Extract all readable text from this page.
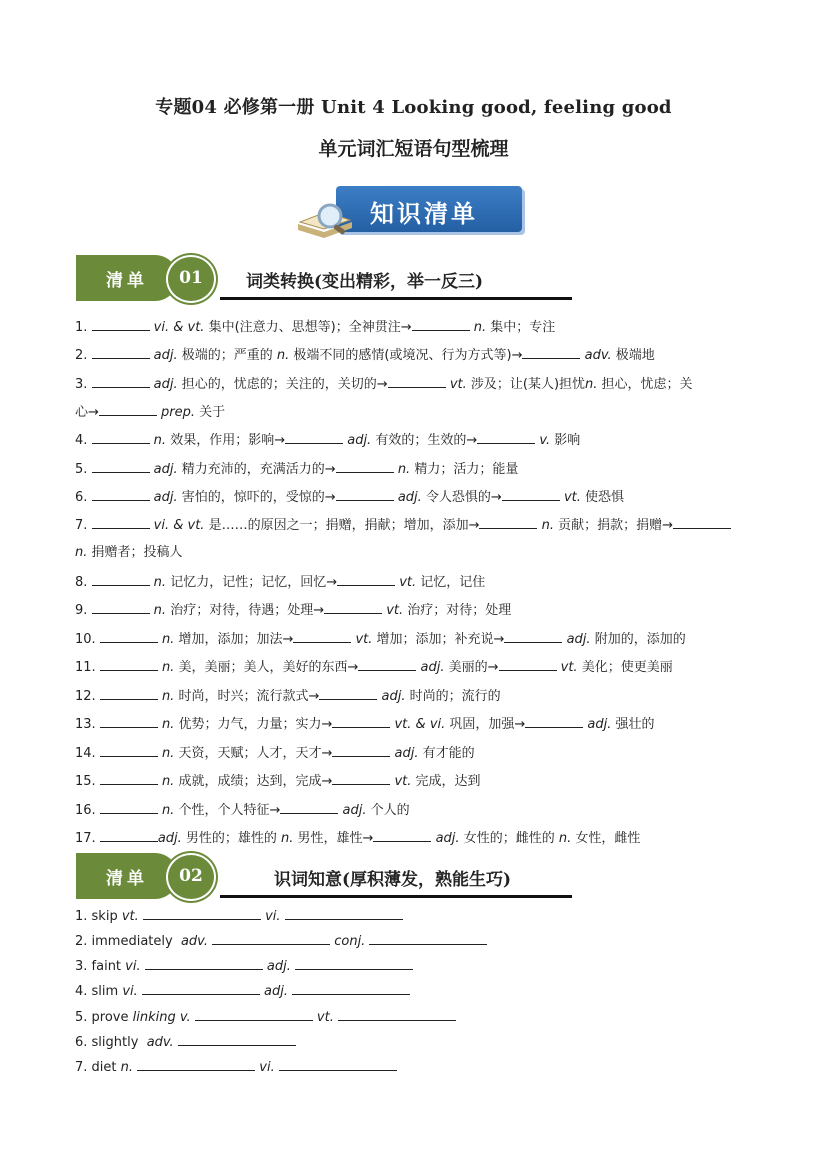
专题04 必修第一册 Unit 4 Looking good, feeling good
单元词汇短语句型梳理
知识清单
清单	01	词类转换(变出精彩，举一反三)
1.	vi. & vt. 集中(注意力、思想等)；全神贯注→	n. 集中；专注
2.	adj. 极端的；严重的 n. 极端不同的感情(或境况、行为方式等)→	adv. 极端地
3.	adj. 担心的，忧虑的；关注的，关切的→	vt. 涉及；让(某人)担忧n. 担心，忧虑；关
心→	prep. 关于
4.	n. 效果，作用；影响→	adj. 有效的；生效的→	v. 影响
5.	adj. 精力充沛的，充满活力的→	n. 精力；活力；能量
6.	adj. 害怕的，惊吓的，受惊的→	adj. 令人恐惧的→	vt. 使恐惧
7.	vi. & vt. 是……的原因之一；捐赠，捐献；增加，添加→	n. 贡献；捐款；捐赠→
n. 捐赠者；投稿人
8.	n. 记忆力，记性；记忆，回忆→	vt. 记忆，记住
9.	n. 治疗；对待，待遇；处理→	vt. 治疗；对待；处理
10.	n. 增加，添加；加法→	vt. 增加；添加；补充说→	adj. 附加的，添加的
11.	n. 美，美丽；美人，美好的东西→	adj. 美丽的→	vt. 美化；使更美丽
12.	n. 时尚，时兴；流行款式→	adj. 时尚的；流行的
13.	n. 优势；力气，力量；实力→	vt. & vi. 巩固，加强→	adj. 强壮的
14.	n. 天资，天赋；人才，天才→	adj. 有才能的
15.	n. 成就，成绩；达到，完成→	vt. 完成，达到
16.	n. 个性，个人特征→	adj. 个人的
17.	adj. 男性的；雄性的 n. 男性，雄性→	adj. 女性的；雌性的 n. 女性，雌性
清单	02	识词知意(厚积薄发，熟能生巧)
1. skip vt.	vi.
2. immediately  adv.	conj.
3. faint vi.	adj.
4. slim vi.	adj.
5. prove linking v.	vt.
6. slightly  adv.
7. diet n.	vi.
